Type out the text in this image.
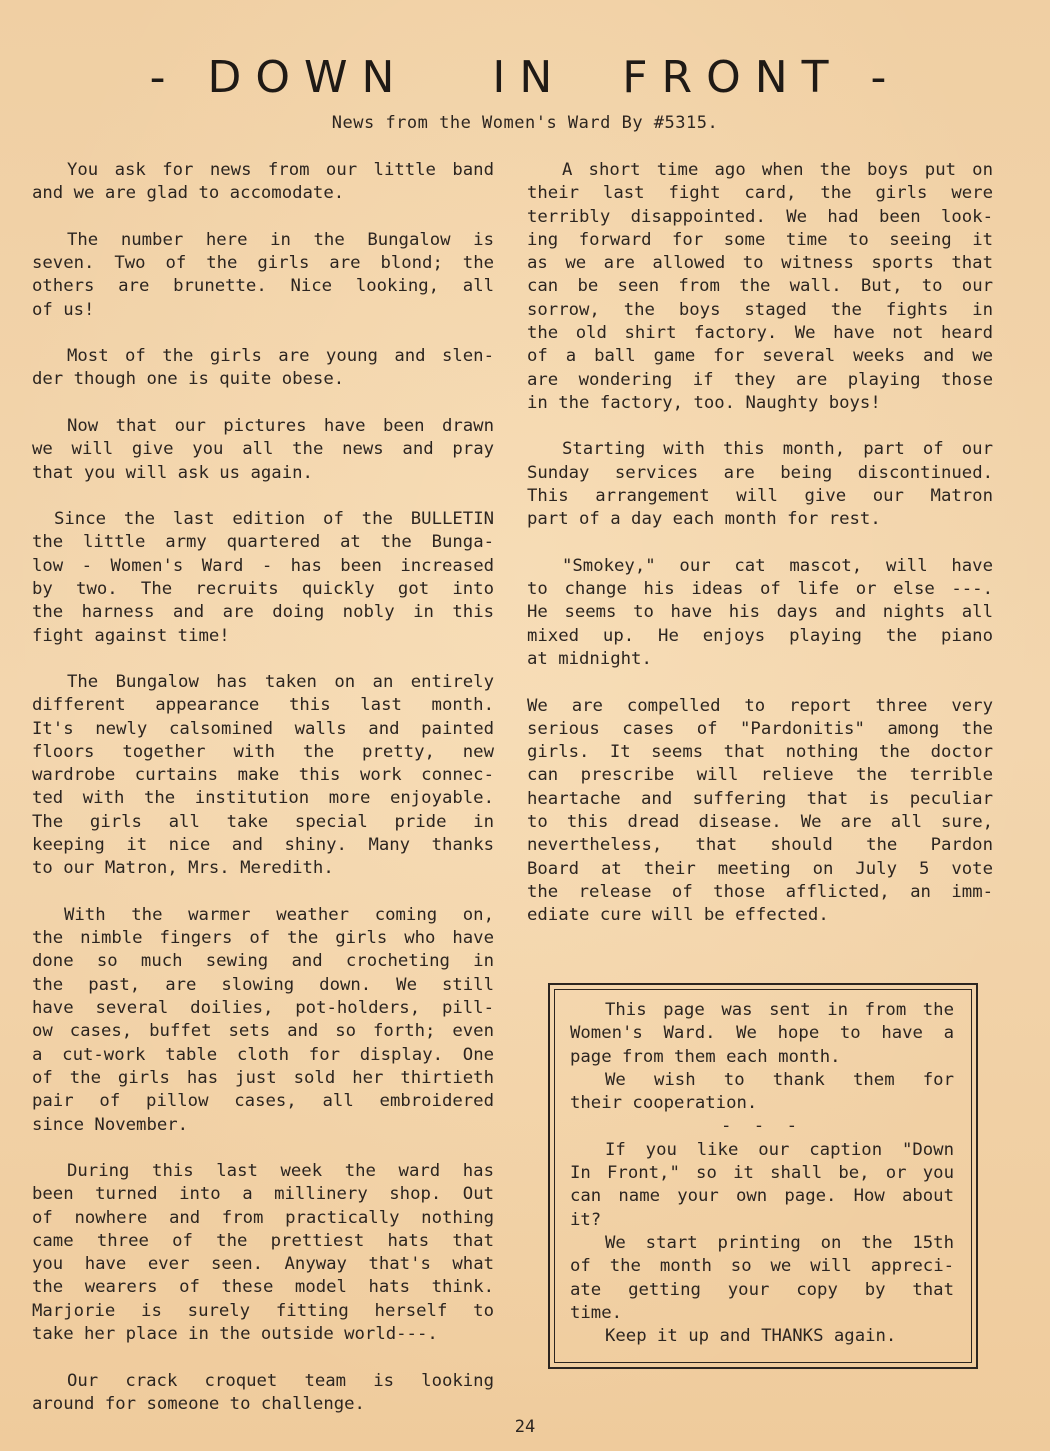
- DOWN   IN  FRONT -
News from the Women's Ward By #5315.
You ask for news from our little band
and we are glad to accomodate.
The number here in the Bungalow is
seven. Two of the girls are blond; the
others are brunette. Nice looking, all
of us!
Most of the girls are young and slen-
der though one is quite obese.
Now that our pictures have been drawn
we will give you all the news and pray
that you will ask us again.
Since the last edition of the BULLETIN
the little army quartered at the Bunga-
low - Women's Ward - has been increased
by two. The recruits quickly got into
the harness and are doing nobly in this
fight against time!
The Bungalow has taken on an entirely
different appearance this last month.
It's newly calsomined walls and painted
floors together with the pretty, new
wardrobe curtains make this work connec-
ted with the institution more enjoyable.
The girls all take special pride in
keeping it nice and shiny. Many thanks
to our Matron, Mrs. Meredith.
With the warmer weather coming on,
the nimble fingers of the girls who have
done so much sewing and crocheting in
the past, are slowing down. We still
have several doilies, pot-holders, pill-
ow cases, buffet sets and so forth; even
a cut-work table cloth for display. One
of the girls has just sold her thirtieth
pair of pillow cases, all embroidered
since November.
During this last week the ward has
been turned into a millinery shop. Out
of nowhere and from practically nothing
came three of the prettiest hats that
you have ever seen. Anyway that's what
the wearers of these model hats think.
Marjorie is surely fitting herself to
take her place in the outside world---.
Our crack croquet team is looking
around for someone to challenge.
A short time ago when the boys put on
their last fight card, the girls were
terribly disappointed. We had been look-
ing forward for some time to seeing it
as we are allowed to witness sports that
can be seen from the wall. But, to our
sorrow, the boys staged the fights in
the old shirt factory. We have not heard
of a ball game for several weeks and we
are wondering if they are playing those
in the factory, too. Naughty boys!
Starting with this month, part of our
Sunday services are being discontinued.
This arrangement will give our Matron
part of a day each month for rest.
"Smokey," our cat mascot, will have
to change his ideas of life or else ---.
He seems to have his days and nights all
mixed up. He enjoys playing the piano
at midnight.
We are compelled to report three very
serious cases of "Pardonitis" among the
girls. It seems that nothing the doctor
can prescribe will relieve the terrible
heartache and suffering that is peculiar
to this dread disease. We are all sure,
nevertheless, that should the Pardon
Board at their meeting on July 5 vote
the release of those afflicted, an imm-
ediate cure will be effected.
This page was sent in from the
Women's Ward. We hope to have a
page from them each month.
We wish to thank them for
their cooperation.
- - -
If you like our caption "Down
In Front," so it shall be, or you
can name your own page. How about
it?
We start printing on the 15th
of the month so we will appreci-
ate getting your copy by that
time.
Keep it up and THANKS again.
24
